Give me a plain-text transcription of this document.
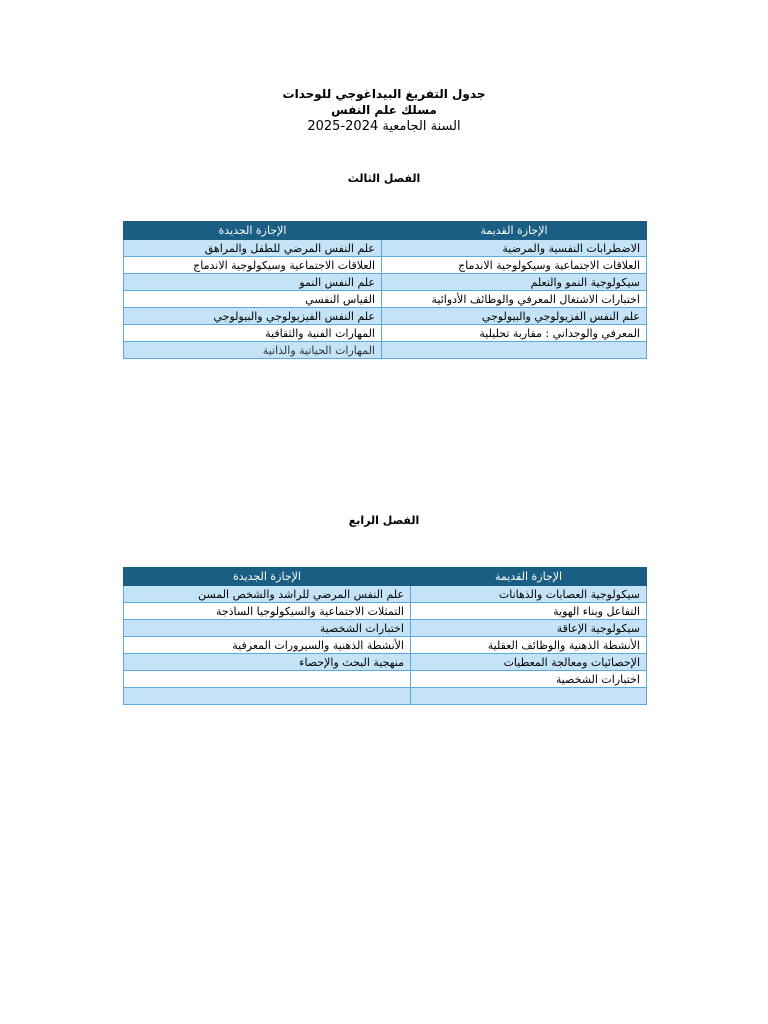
جدول التفريغ البيداغوجي للوحدات
مسلك علم النفس
السنة الجامعية 2024-2025
الفصل الثالث
الإجازة القديمة	الإجازة الجديدة
الاضطرابات النفسية والمرضية	علم النفس المرضي للطفل والمراهق
العلاقات الاجتماعية وسيكولوجية الاندماج	العلاقات الاجتماعية وسيكولوجية الاندماج
سيكولوجية النمو والتعلم	علم النفس النمو
اختبارات الاشتغال المعرفي والوظائف الأدوائية	القياس النفسي
علم النفس الفزيولوجي والبيولوجي	علم النفس الفيزيولوجي والبيولوجي
المعرفي والوجداني : مقاربة تحليلية	المهارات الفنية والثقافية
	المهارات الحياتية والذاتية
الفصل الرابع
الإجازة القديمة	الإجازة الجديدة
سيكولوجية العصابات والذهانات	علم النفس المرضي للراشد والشخص المسن
التفاعل وبناء الهوية	التمثلات الاجتماعية والسيكولوجيا الساذجة
سيكولوجية الإعاقة	اختبارات الشخصية
الأنشطة الذهنية والوظائف العقلية	الأنشطة الذهنية والسيرورات المعرفية
الإحصائيات ومعالجة المعطيات	منهجية البحث والإحصاء
اختبارات الشخصية	
